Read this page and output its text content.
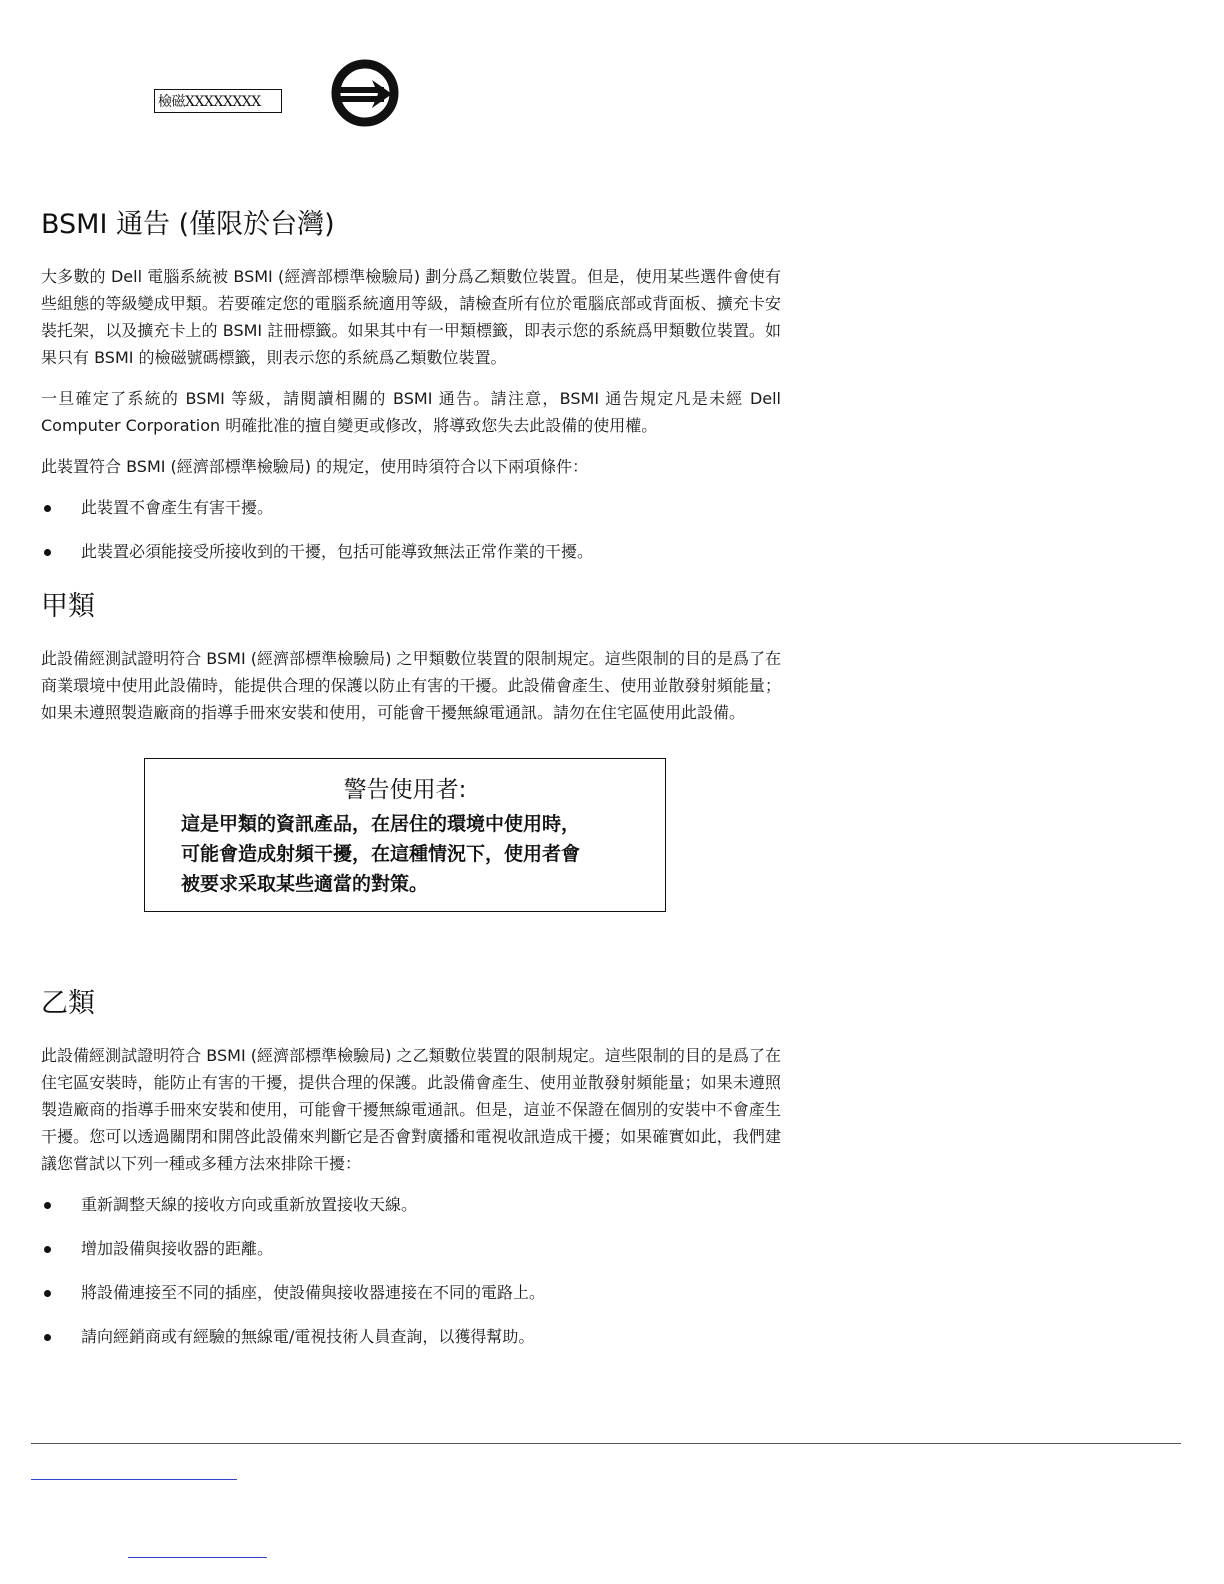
檢磁XXXXXXXX
BSMI 通告 (僅限於台灣)

大多數的 Dell 電腦系統被 BSMI (經濟部標準檢驗局) 劃分爲乙類數位裝置。但是，使用某些選件會使有些組態的等級變成甲類。若要確定您的電腦系統適用等級，請檢查所有位於電腦底部或背面板、擴充卡安裝托架，以及擴充卡上的 BSMI 註冊標籤。如果其中有一甲類標籤，即表示您的系統爲甲類數位裝置。如果只有 BSMI 的檢磁號碼標籤，則表示您的系統爲乙類數位裝置。

一旦確定了系統的 BSMI 等級，請閱讀相關的 BSMI 通告。請注意，BSMI 通告規定凡是未經 Dell Computer Corporation 明確批准的擅自變更或修改，將導致您失去此設備的使用權。

此裝置符合 BSMI (經濟部標準檢驗局) 的規定，使用時須符合以下兩項條件：

此裝置不會產生有害干擾。
此裝置必須能接受所接收到的干擾，包括可能導致無法正常作業的干擾。
甲類

此設備經測試證明符合 BSMI (經濟部標準檢驗局) 之甲類數位裝置的限制規定。這些限制的目的是爲了在商業環境中使用此設備時，能提供合理的保護以防止有害的干擾。此設備會產生、使用並散發射頻能量；如果未遵照製造廠商的指導手冊來安裝和使用，可能會干擾無線電通訊。請勿在住宅區使用此設備。

警告使用者:
這是甲類的資訊產品，在居住的環境中使用時，
可能會造成射頻干擾，在這種情況下，使用者會
被要求采取某些適當的對策。
乙類

此設備經測試證明符合 BSMI (經濟部標準檢驗局) 之乙類數位裝置的限制規定。這些限制的目的是爲了在住宅區安裝時，能防止有害的干擾，提供合理的保護。此設備會產生、使用並散發射頻能量；如果未遵照製造廠商的指導手冊來安裝和使用，可能會干擾無線電通訊。但是，這並不保證在個別的安裝中不會產生干擾。您可以透過關閉和開啓此設備來判斷它是否會對廣播和電視收訊造成干擾；如果確實如此，我們建議您嘗試以下列一種或多種方法來排除干擾：

重新調整天線的接收方向或重新放置接收天線。
增加設備與接收器的距離。
將設備連接至不同的插座，使設備與接收器連接在不同的電路上。
請向經銷商或有經驗的無線電/電視技術人員查詢，以獲得幫助。
